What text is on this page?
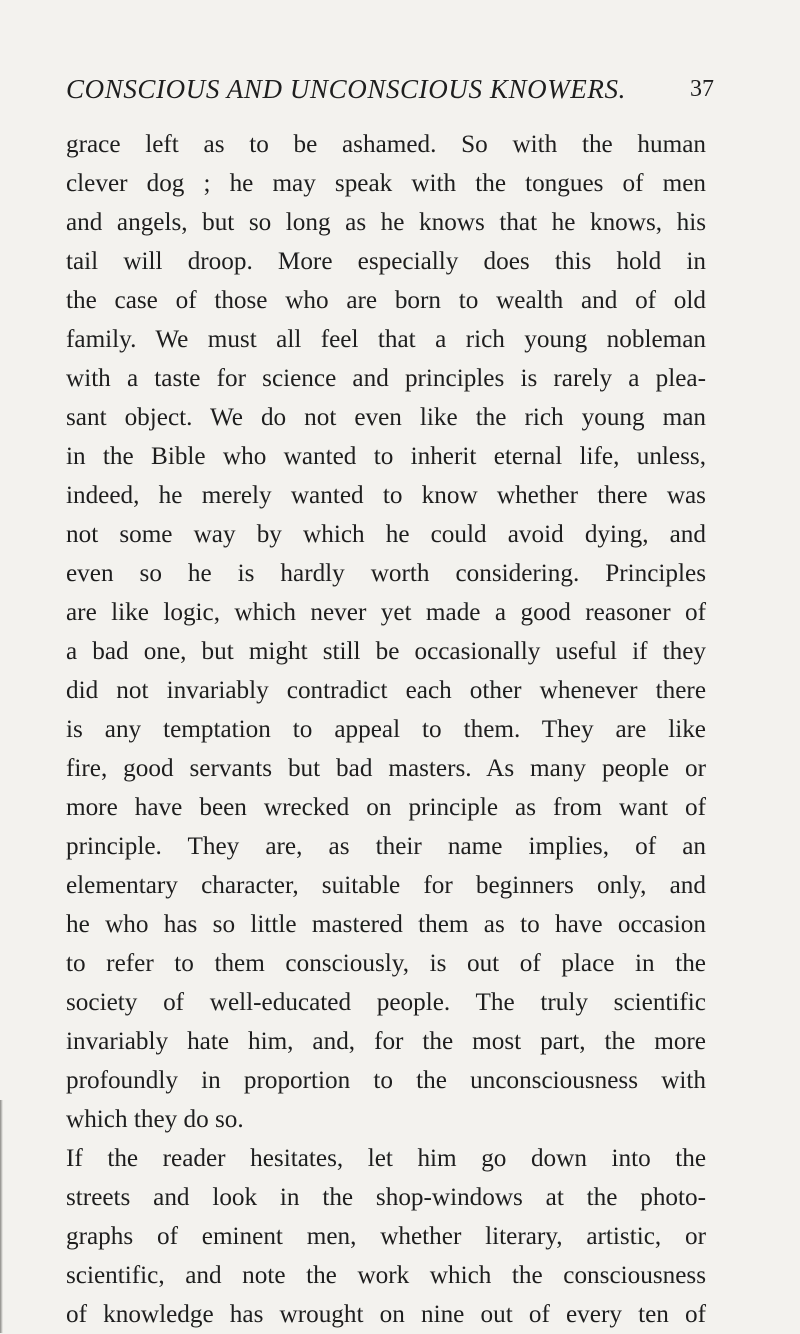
CONSCIOUS AND UNCONSCIOUS KNOWERS.	37
grace left as to be ashamed. So with the human
clever dog ; he may speak with the tongues of men
and angels, but so long as he knows that he knows, his
tail will droop. More especially does this hold in
the case of those who are born to wealth and of old
family. We must all feel that a rich young nobleman
with a taste for science and principles is rarely a plea-
sant object. We do not even like the rich young man
in the Bible who wanted to inherit eternal life, unless,
indeed, he merely wanted to know whether there was
not some way by which he could avoid dying, and
even so he is hardly worth considering. Principles
are like logic, which never yet made a good reasoner of
a bad one, but might still be occasionally useful if they
did not invariably contradict each other whenever there
is any temptation to appeal to them. They are like
fire, good servants but bad masters. As many people or
more have been wrecked on principle as from want of
principle. They are, as their name implies, of an
elementary character, suitable for beginners only, and
he who has so little mastered them as to have occasion
to refer to them consciously, is out of place in the
society of well-educated people. The truly scientific
invariably hate him, and, for the most part, the more
profoundly in proportion to the unconsciousness with
which they do so.
If the reader hesitates, let him go down into the
streets and look in the shop-windows at the photo-
graphs of eminent men, whether literary, artistic, or
scientific, and note the work which the consciousness
of knowledge has wrought on nine out of every ten of
